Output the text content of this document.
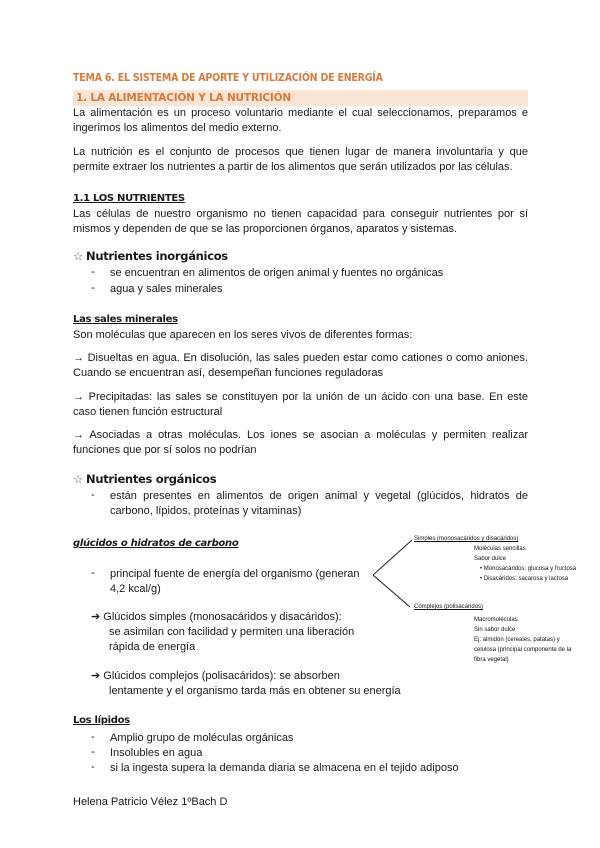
TEMA 6. EL SISTEMA DE APORTE Y UTILIZACIÓN DE ENERGÍA
1. LA ALIMENTACIÓN Y LA NUTRICIÓN
La alimentación es un proceso voluntario mediante el cual seleccionamos, preparamos e
ingerimos los alimentos del medio externo.
La nutrición es el conjunto de procesos que tienen lugar de manera involuntaria y que
permite extraer los nutrientes a partir de los alimentos que serán utilizados por las células.
1.1 LOS NUTRIENTES
Las células de nuestro organismo no tienen capacidad para conseguir nutrientes por sí
mismos y dependen de que se las proporcionen órganos, aparatos y sistemas.
☆ Nutrientes inorgánicos
- se encuentran en alimentos de origen animal y fuentes no orgánicas
- agua y sales minerales
Las sales minerales
Son moléculas que aparecen en los seres vivos de diferentes formas:
→ Disueltas en agua. En disolución, las sales pueden estar como cationes o como aniones.
Cuando se encuentran así, desempeñan funciones reguladoras
→ Precipitadas: las sales se constituyen por la unión de un ácido con una base. En este
caso tienen función estructural
→ Asociadas a otras moléculas. Los iones se asocian a moléculas y permiten realizar
funciones que por sí solos no podrían
☆ Nutrientes orgánicos
- están presentes en alimentos de origen animal y vegetal (glúcidos, hidratos de
carbono, lípidos, proteínas y vitaminas)
glúcidos o hidratos de carbono
- principal fuente de energía del organismo (generan
4,2 kcal/g)
➔ Glúcidos simples (monosacáridos y disacáridos):
se asimilan con facilidad y permiten una liberación
rápida de energía
➔ Glúcidos complejos (polisacáridos): se absorben
lentamente y el organismo tarda más en obtener su energía
Simples (monosacáridos y disacáridos)
Moléculas sencillas
Sabor dulce
• Monosacáridos: glucosa y fructosa
• Disacáridos: sacarosa y lactosa
Complejos (polisacáridos)
Macromoléculas
Sin sabor dulce
Ej: almidón (cereales, patatas) y
celulosa (principal componente de la
fibra vegetal)
Los lípidos
- Amplio grupo de moléculas orgánicas
- Insolubles en agua
- si la ingesta supera la demanda diaria se almacena en el tejido adiposo
Helena Patricio Vélez 1ºBach D
